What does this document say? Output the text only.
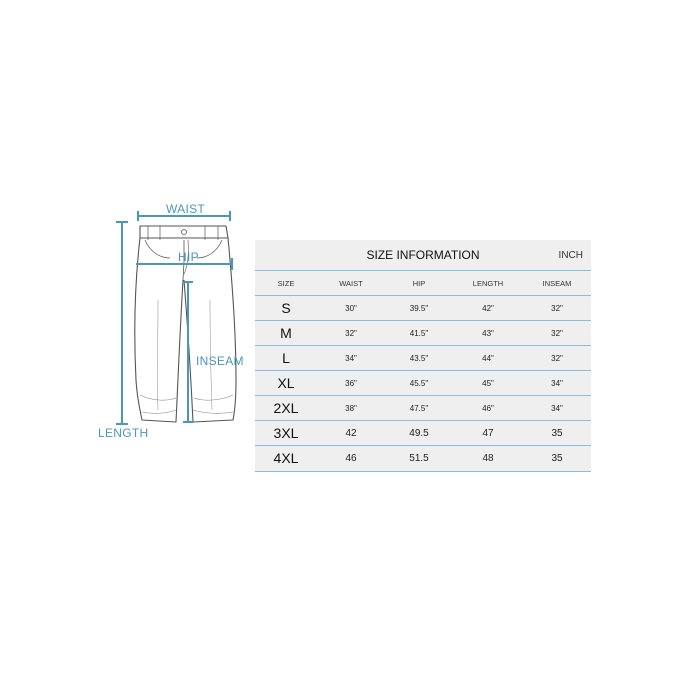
WAIST
HIP
INSEAM
LENGTH
SIZE INFORMATION	INCH
SIZE	WAIST	HIP	LENGTH	INSEAM
S	30"	39.5"	42"	32"
M	32"	41.5"	43"	32"
L	34"	43.5"	44"	32"
XL	36"	45.5"	45"	34"
2XL	38"	47.5"	46"	34"
3XL	42	49.5	47	35
4XL	46	51.5	48	35
